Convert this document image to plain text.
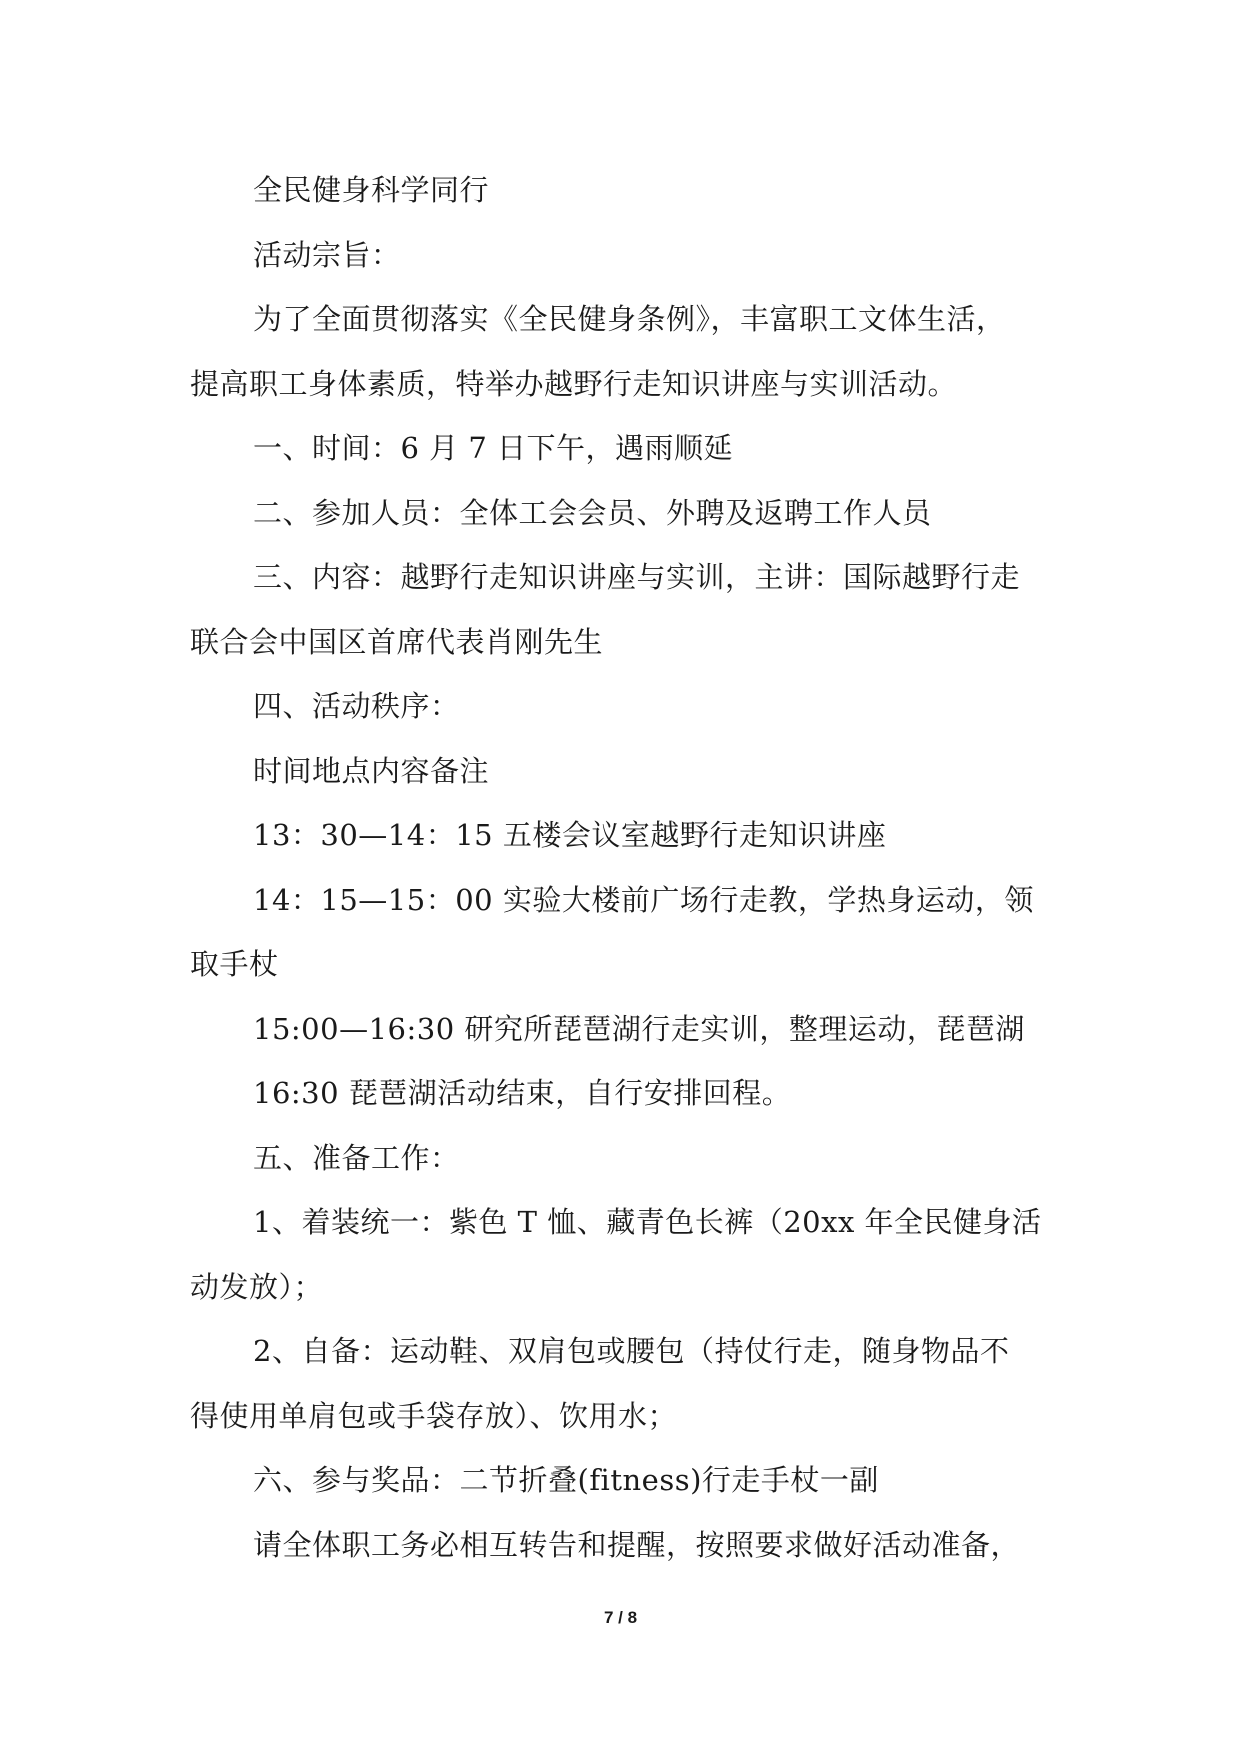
全民健身科学同行
活动宗旨：
为了全面贯彻落实《全民健身条例》，丰富职工文体生活，
提高职工身体素质，特举办越野行走知识讲座与实训活动。
一、时间：6 月 7 日下午，遇雨顺延
二、参加人员：全体工会会员、外聘及返聘工作人员
三、内容：越野行走知识讲座与实训，主讲：国际越野行走
联合会中国区首席代表肖刚先生
四、活动秩序：
时间地点内容备注
13：30—14：15 五楼会议室越野行走知识讲座
14：15—15：00 实验大楼前广场行走教，学热身运动，领
取手杖
15:00—16:30 研究所琵琶湖行走实训，整理运动，琵琶湖
16:30 琵琶湖活动结束，自行安排回程。
五、准备工作：
1、着装统一：紫色 T 恤、藏青色长裤（20xx 年全民健身活
动发放）；
2、自备：运动鞋、双肩包或腰包（持仗行走，随身物品不
得使用单肩包或手袋存放）、饮用水；
六、参与奖品：二节折叠(fitness)行走手杖一副
请全体职工务必相互转告和提醒，按照要求做好活动准备，
7 / 8
